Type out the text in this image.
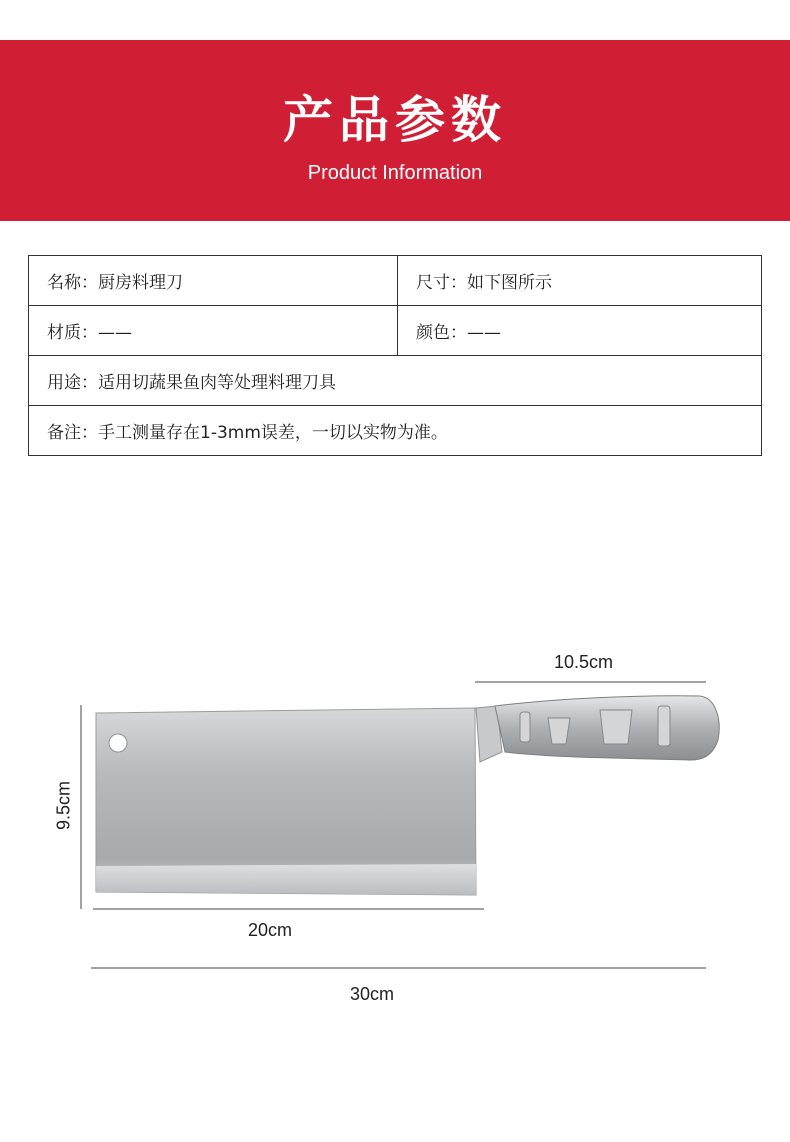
产品参数
Product Information
名称：厨房料理刀	尺寸：如下图所示
材质：——	颜色：——
用途：适用切蔬果鱼肉等处理料理刀具	
备注：手工测量存在1-3mm误差，一切以实物为准。	
10.5cm
9.5cm
20cm
30cm
